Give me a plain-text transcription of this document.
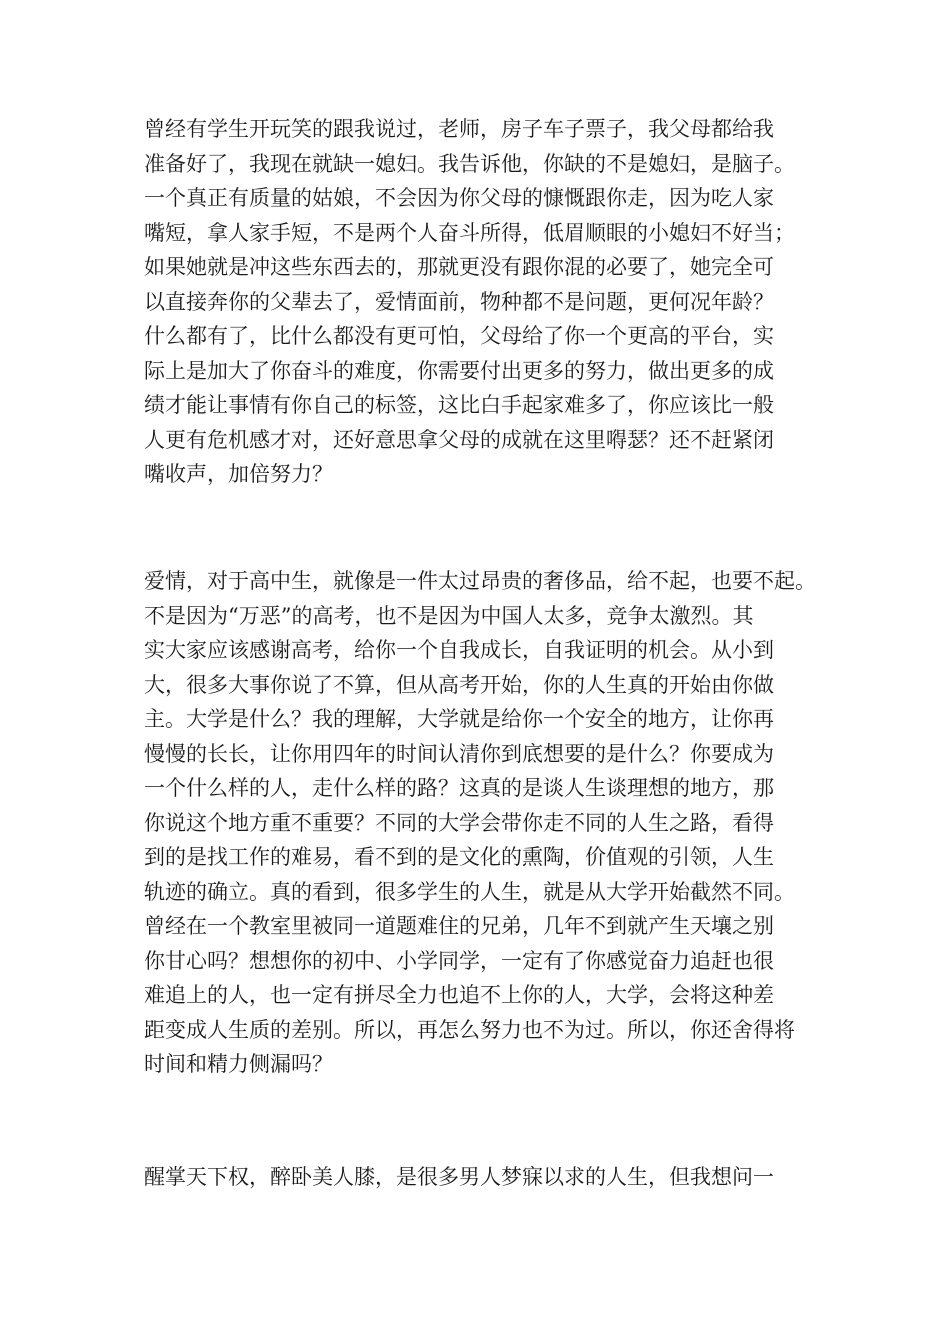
曾经有学生开玩笑的跟我说过，老师，房子车子票子，我父母都给我
准备好了，我现在就缺一媳妇。我告诉他，你缺的不是媳妇，是脑子。
一个真正有质量的姑娘，不会因为你父母的慷慨跟你走，因为吃人家
嘴短，拿人家手短，不是两个人奋斗所得，低眉顺眼的小媳妇不好当；
如果她就是冲这些东西去的，那就更没有跟你混的必要了，她完全可
以直接奔你的父辈去了，爱情面前，物种都不是问题，更何况年龄？
什么都有了，比什么都没有更可怕，父母给了你一个更高的平台，实
际上是加大了你奋斗的难度，你需要付出更多的努力，做出更多的成
绩才能让事情有你自己的标签，这比白手起家难多了，你应该比一般
人更有危机感才对，还好意思拿父母的成就在这里嘚瑟？还不赶紧闭
嘴收声，加倍努力？
爱情，对于高中生，就像是一件太过昂贵的奢侈品，给不起，也要不起。
不是因为“万恶”的高考，也不是因为中国人太多，竞争太激烈。其
实大家应该感谢高考，给你一个自我成长，自我证明的机会。从小到
大，很多大事你说了不算，但从高考开始，你的人生真的开始由你做
主。大学是什么？我的理解，大学就是给你一个安全的地方，让你再
慢慢的长长，让你用四年的时间认清你到底想要的是什么？你要成为
一个什么样的人，走什么样的路？这真的是谈人生谈理想的地方，那
你说这个地方重不重要？不同的大学会带你走不同的人生之路，看得
到的是找工作的难易，看不到的是文化的熏陶，价值观的引领，人生
轨迹的确立。真的看到，很多学生的人生，就是从大学开始截然不同。
曾经在一个教室里被同一道题难住的兄弟，几年不到就产生天壤之别
你甘心吗？想想你的初中、小学同学，一定有了你感觉奋力追赶也很
难追上的人，也一定有拼尽全力也追不上你的人，大学，会将这种差
距变成人生质的差别。所以，再怎么努力也不为过。所以，你还舍得将
时间和精力侧漏吗？
醒掌天下权，醉卧美人膝，是很多男人梦寐以求的人生，但我想问一
